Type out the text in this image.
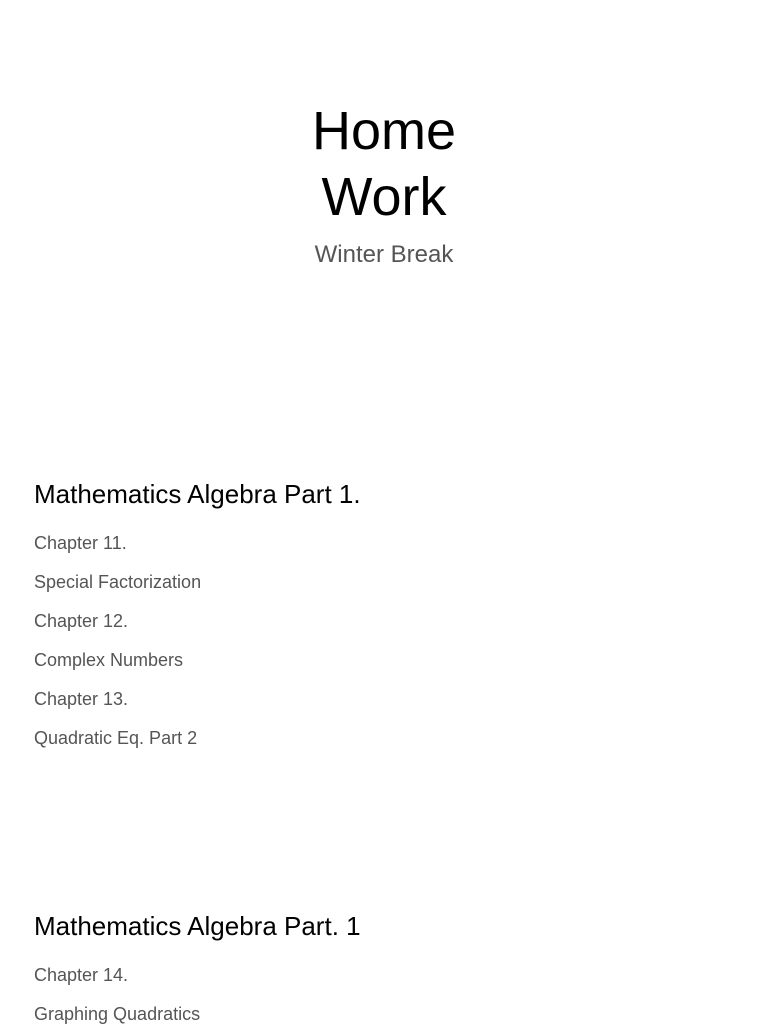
Home
Work

Winter Break

Mathematics Algebra Part 1.
Chapter 11.
Special Factorization
Chapter 12.
Complex Numbers
Chapter 13.
Quadratic Eq. Part 2
Mathematics Algebra Part. 1
Chapter 14.
Graphing Quadratics
